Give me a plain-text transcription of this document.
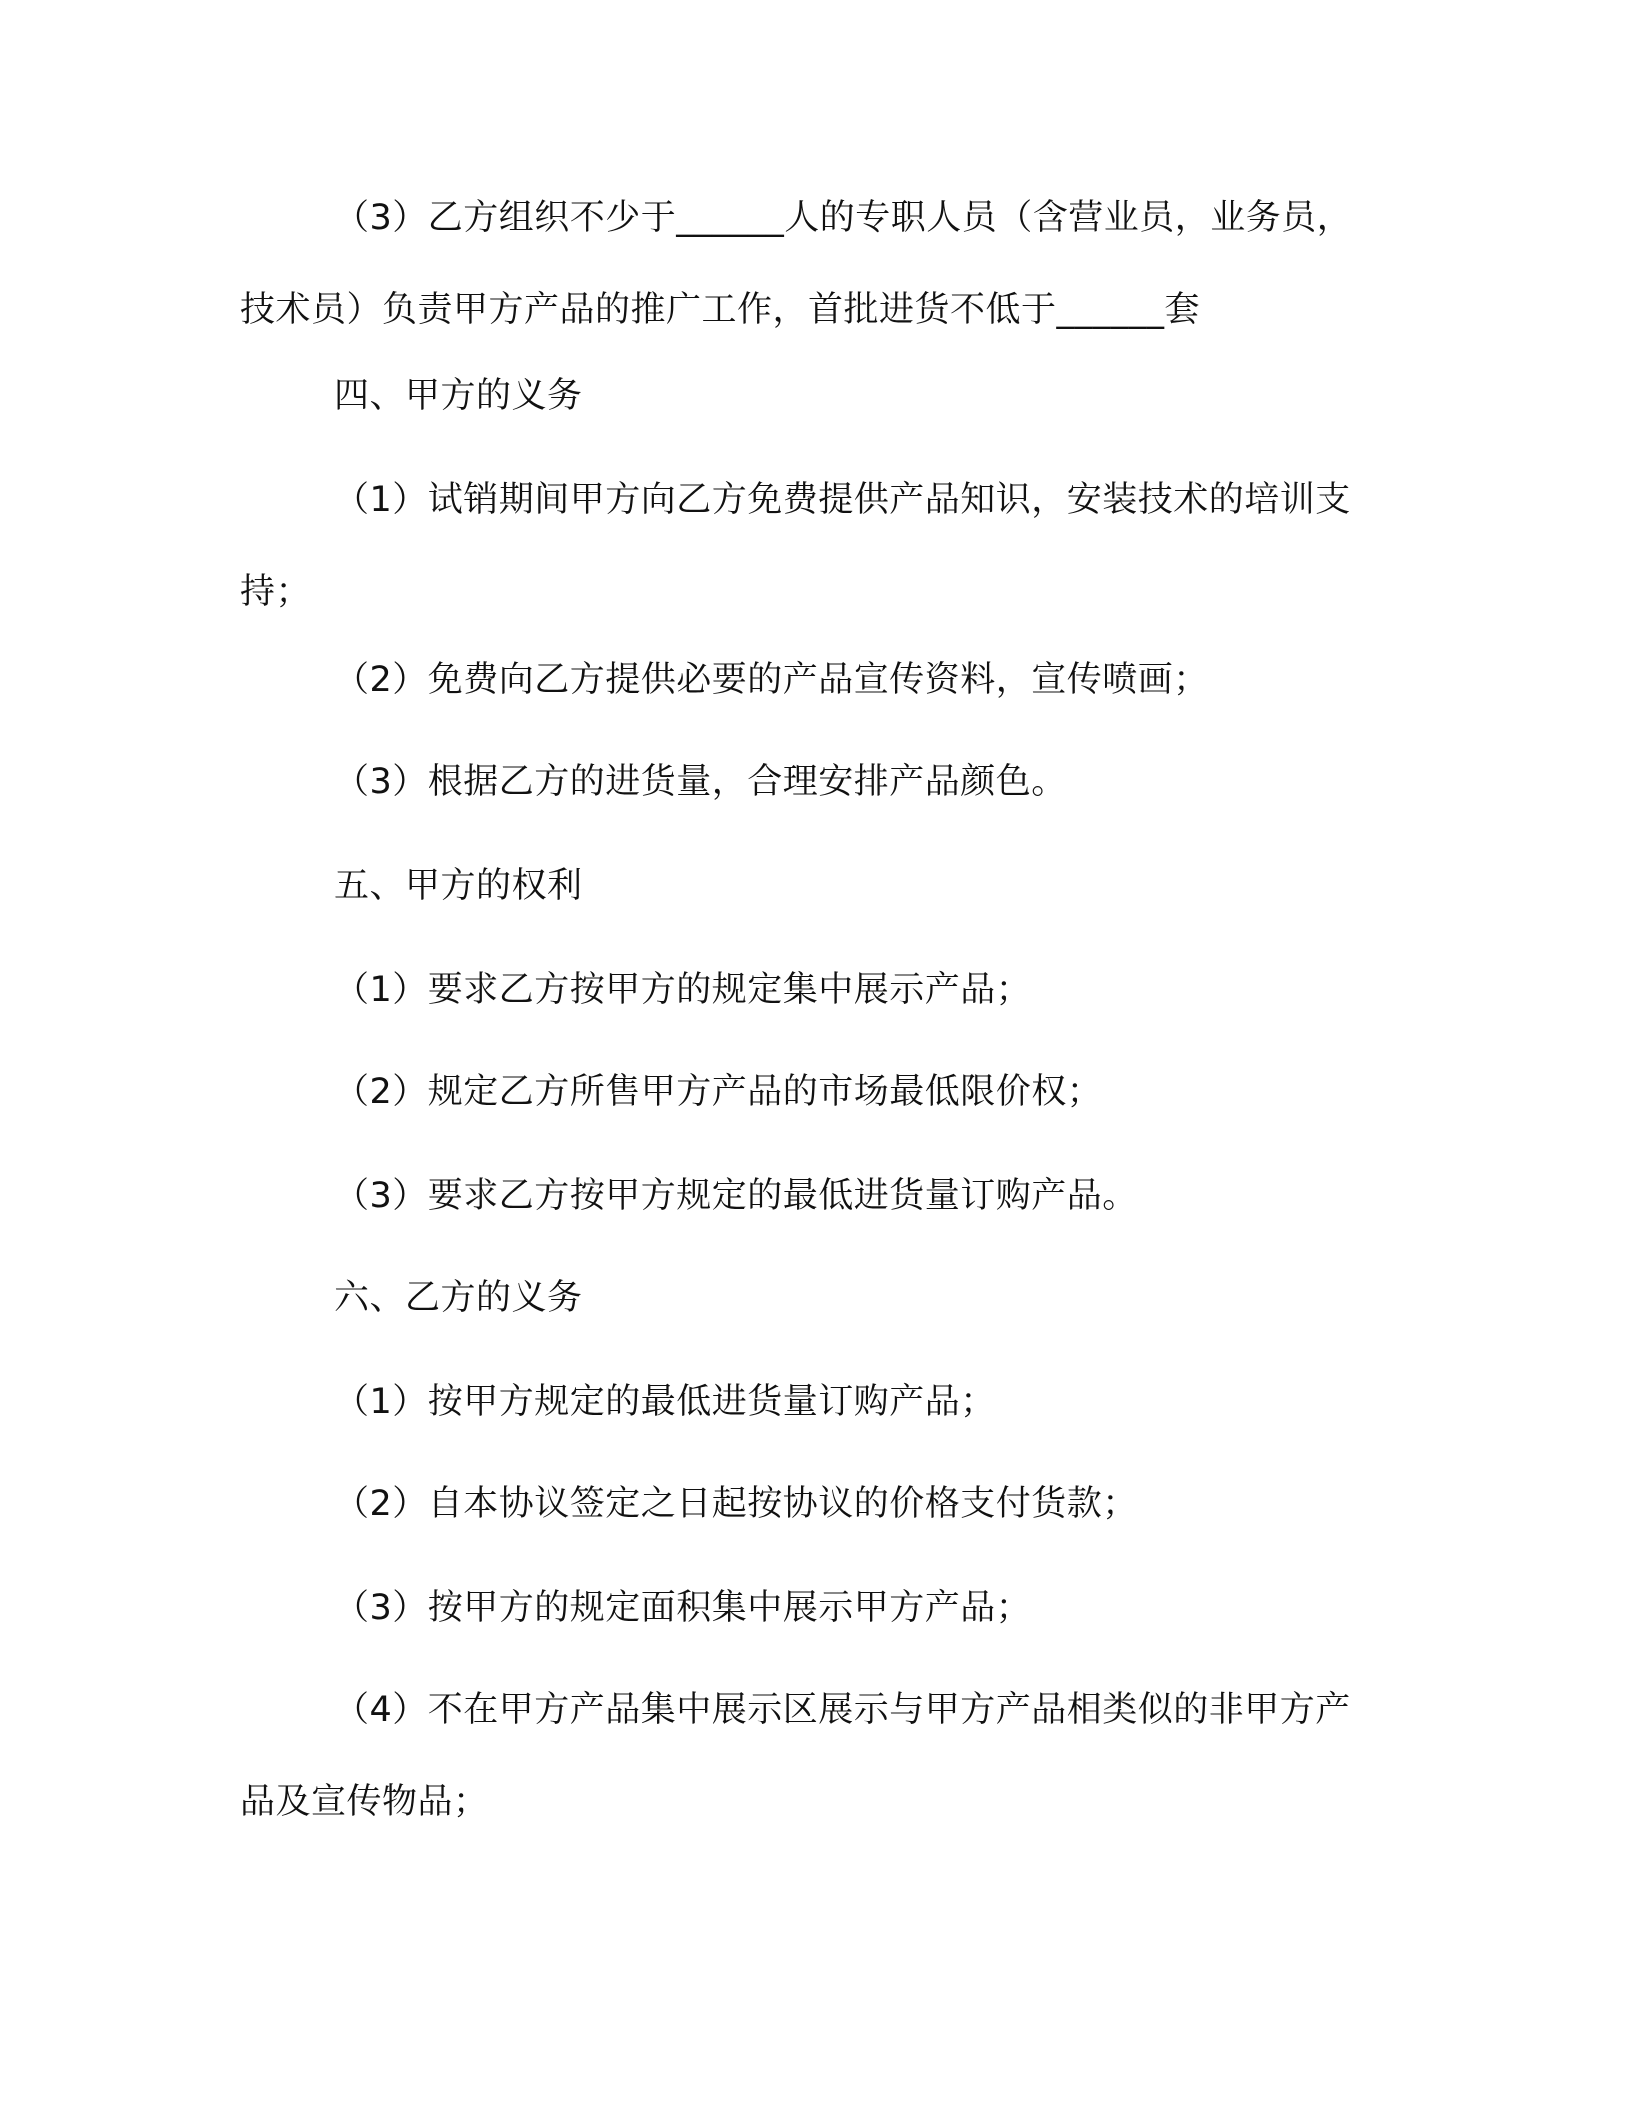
（3）乙方组织不少于______人的专职人员（含营业员，业务员，技术员）负责甲方产品的推广工作，首批进货不低于______套

四、甲方的义务

（1）试销期间甲方向乙方免费提供产品知识，安装技术的培训支持；

（2）免费向乙方提供必要的产品宣传资料，宣传喷画；

（3）根据乙方的进货量，合理安排产品颜色。

五、甲方的权利

（1）要求乙方按甲方的规定集中展示产品；

（2）规定乙方所售甲方产品的市场最低限价权；

（3）要求乙方按甲方规定的最低进货量订购产品。

六、乙方的义务

（1）按甲方规定的最低进货量订购产品；

（2）自本协议签定之日起按协议的价格支付货款；

（3）按甲方的规定面积集中展示甲方产品；

（4）不在甲方产品集中展示区展示与甲方产品相类似的非甲方产品及宣传物品；
